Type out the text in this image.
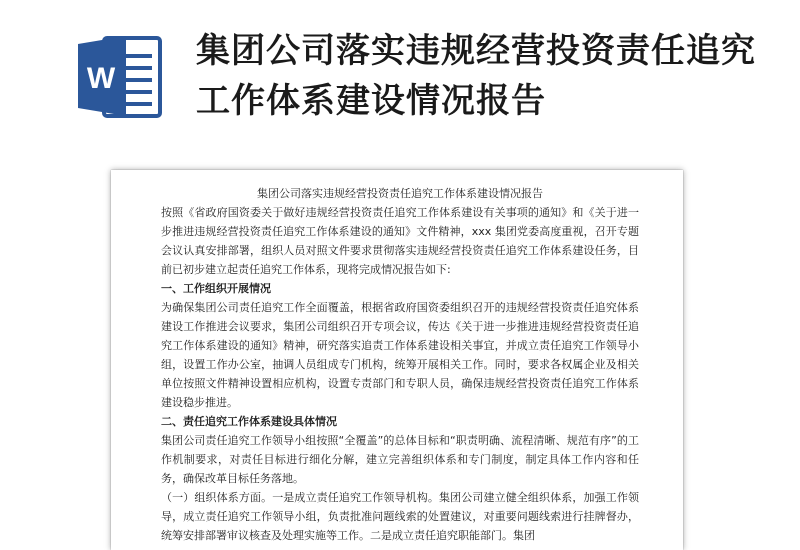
W
集团公司落实违规经营投资责任追究工作体系建设情况报告

集团公司落实违规经营投资责任追究工作体系建设情况报告

按照《省政府国资委关于做好违规经营投资责任追究工作体系建设有关事项的通知》和《关于进一步推进违规经营投资责任追究工作体系建设的通知》文件精神，xxx 集团党委高度重视，召开专题会议认真安排部署，组织人员对照文件要求贯彻落实违规经营投资责任追究工作体系建设任务，目前已初步建立起责任追究工作体系，现将完成情况报告如下:

一、工作组织开展情况

为确保集团公司责任追究工作全面覆盖，根据省政府国资委组织召开的违规经营投资责任追究体系建设工作推进会议要求，集团公司组织召开专项会议，传达《关于进一步推进违规经营投资责任追究工作体系建设的通知》精神，研究落实追责工作体系建设相关事宜，并成立责任追究工作领导小组，设置工作办公室，抽调人员组成专门机构，统筹开展相关工作。同时，要求各权属企业及相关单位按照文件精神设置相应机构，设置专责部门和专职人员，确保违规经营投资责任追究工作体系建设稳步推进。

二、责任追究工作体系建设具体情况

集团公司责任追究工作领导小组按照“全覆盖”的总体目标和“职责明确、流程清晰、规范有序”的工作机制要求，对责任目标进行细化分解，建立完善组织体系和专门制度，制定具体工作内容和任务，确保改革目标任务落地。

（一）组织体系方面。一是成立责任追究工作领导机构。集团公司建立健全组织体系，加强工作领导，成立责任追究工作领导小组，负责批准问题线索的处置建议，对重要问题线索进行挂牌督办，统筹安排部署审议核查及处理实施等工作。二是成立责任追究职能部门。集团
